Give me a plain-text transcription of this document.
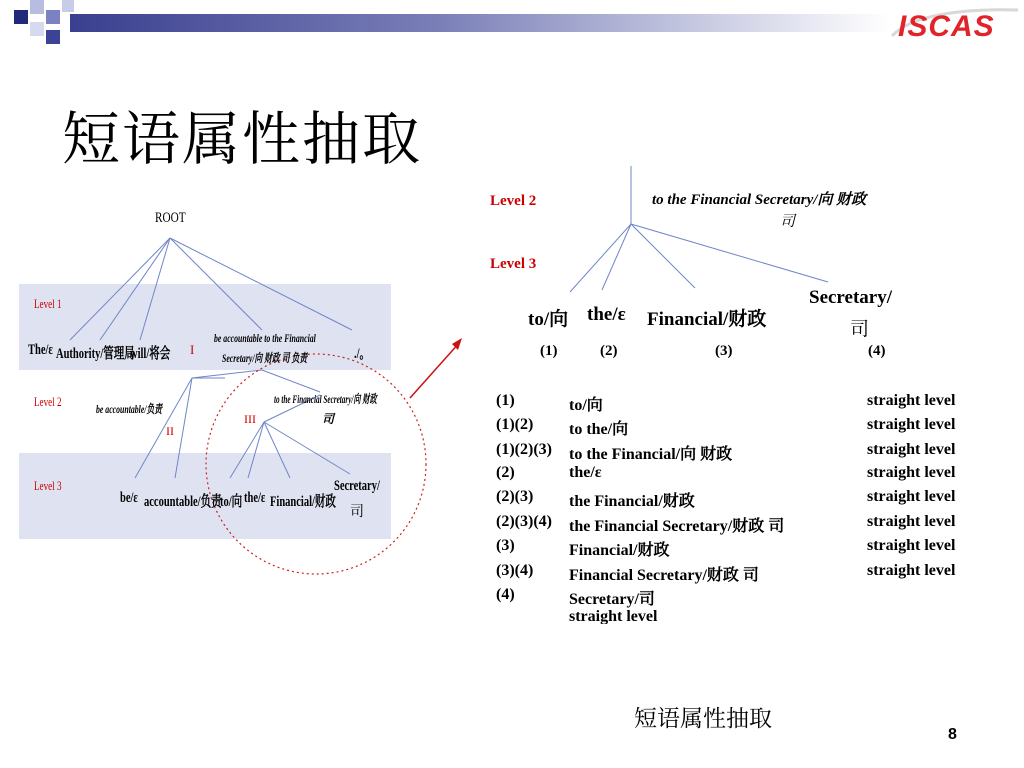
ISCAS
短语属性抽取
ROOT
Level 1
Level 2
Level 3
The/ε Authority/管理局
will/将会 I
be accountable to the Financial
Secretary/向 财政 司 负责	./。
be accountable/负责
II
III
to the Financial Secretary/向 财政
司
be/ε accountable/负责
to/向 the/ε Financial/财政
Secretary/
司
Level 2
Level 3
to the Financial Secretary/向 财政
司
to/向 the/ε Financial/财政
Secretary/
司
(1)	(2)	(3)	(4)
(1)	to/向	straight level
(1)(2) to the/向	straight level
(1)(2)(3) to the Financial/向 财政	straight level
(2)	the/ε	straight level
(2)(3) the Financial/财政	straight level
(2)(3)(4) the Financial Secretary/财政 司	straight level
(3)	Financial/财政	straight level
(3)(4) Financial Secretary/财政 司	straight level
(4)	Secretary/司
straight level
短语属性抽取
8
